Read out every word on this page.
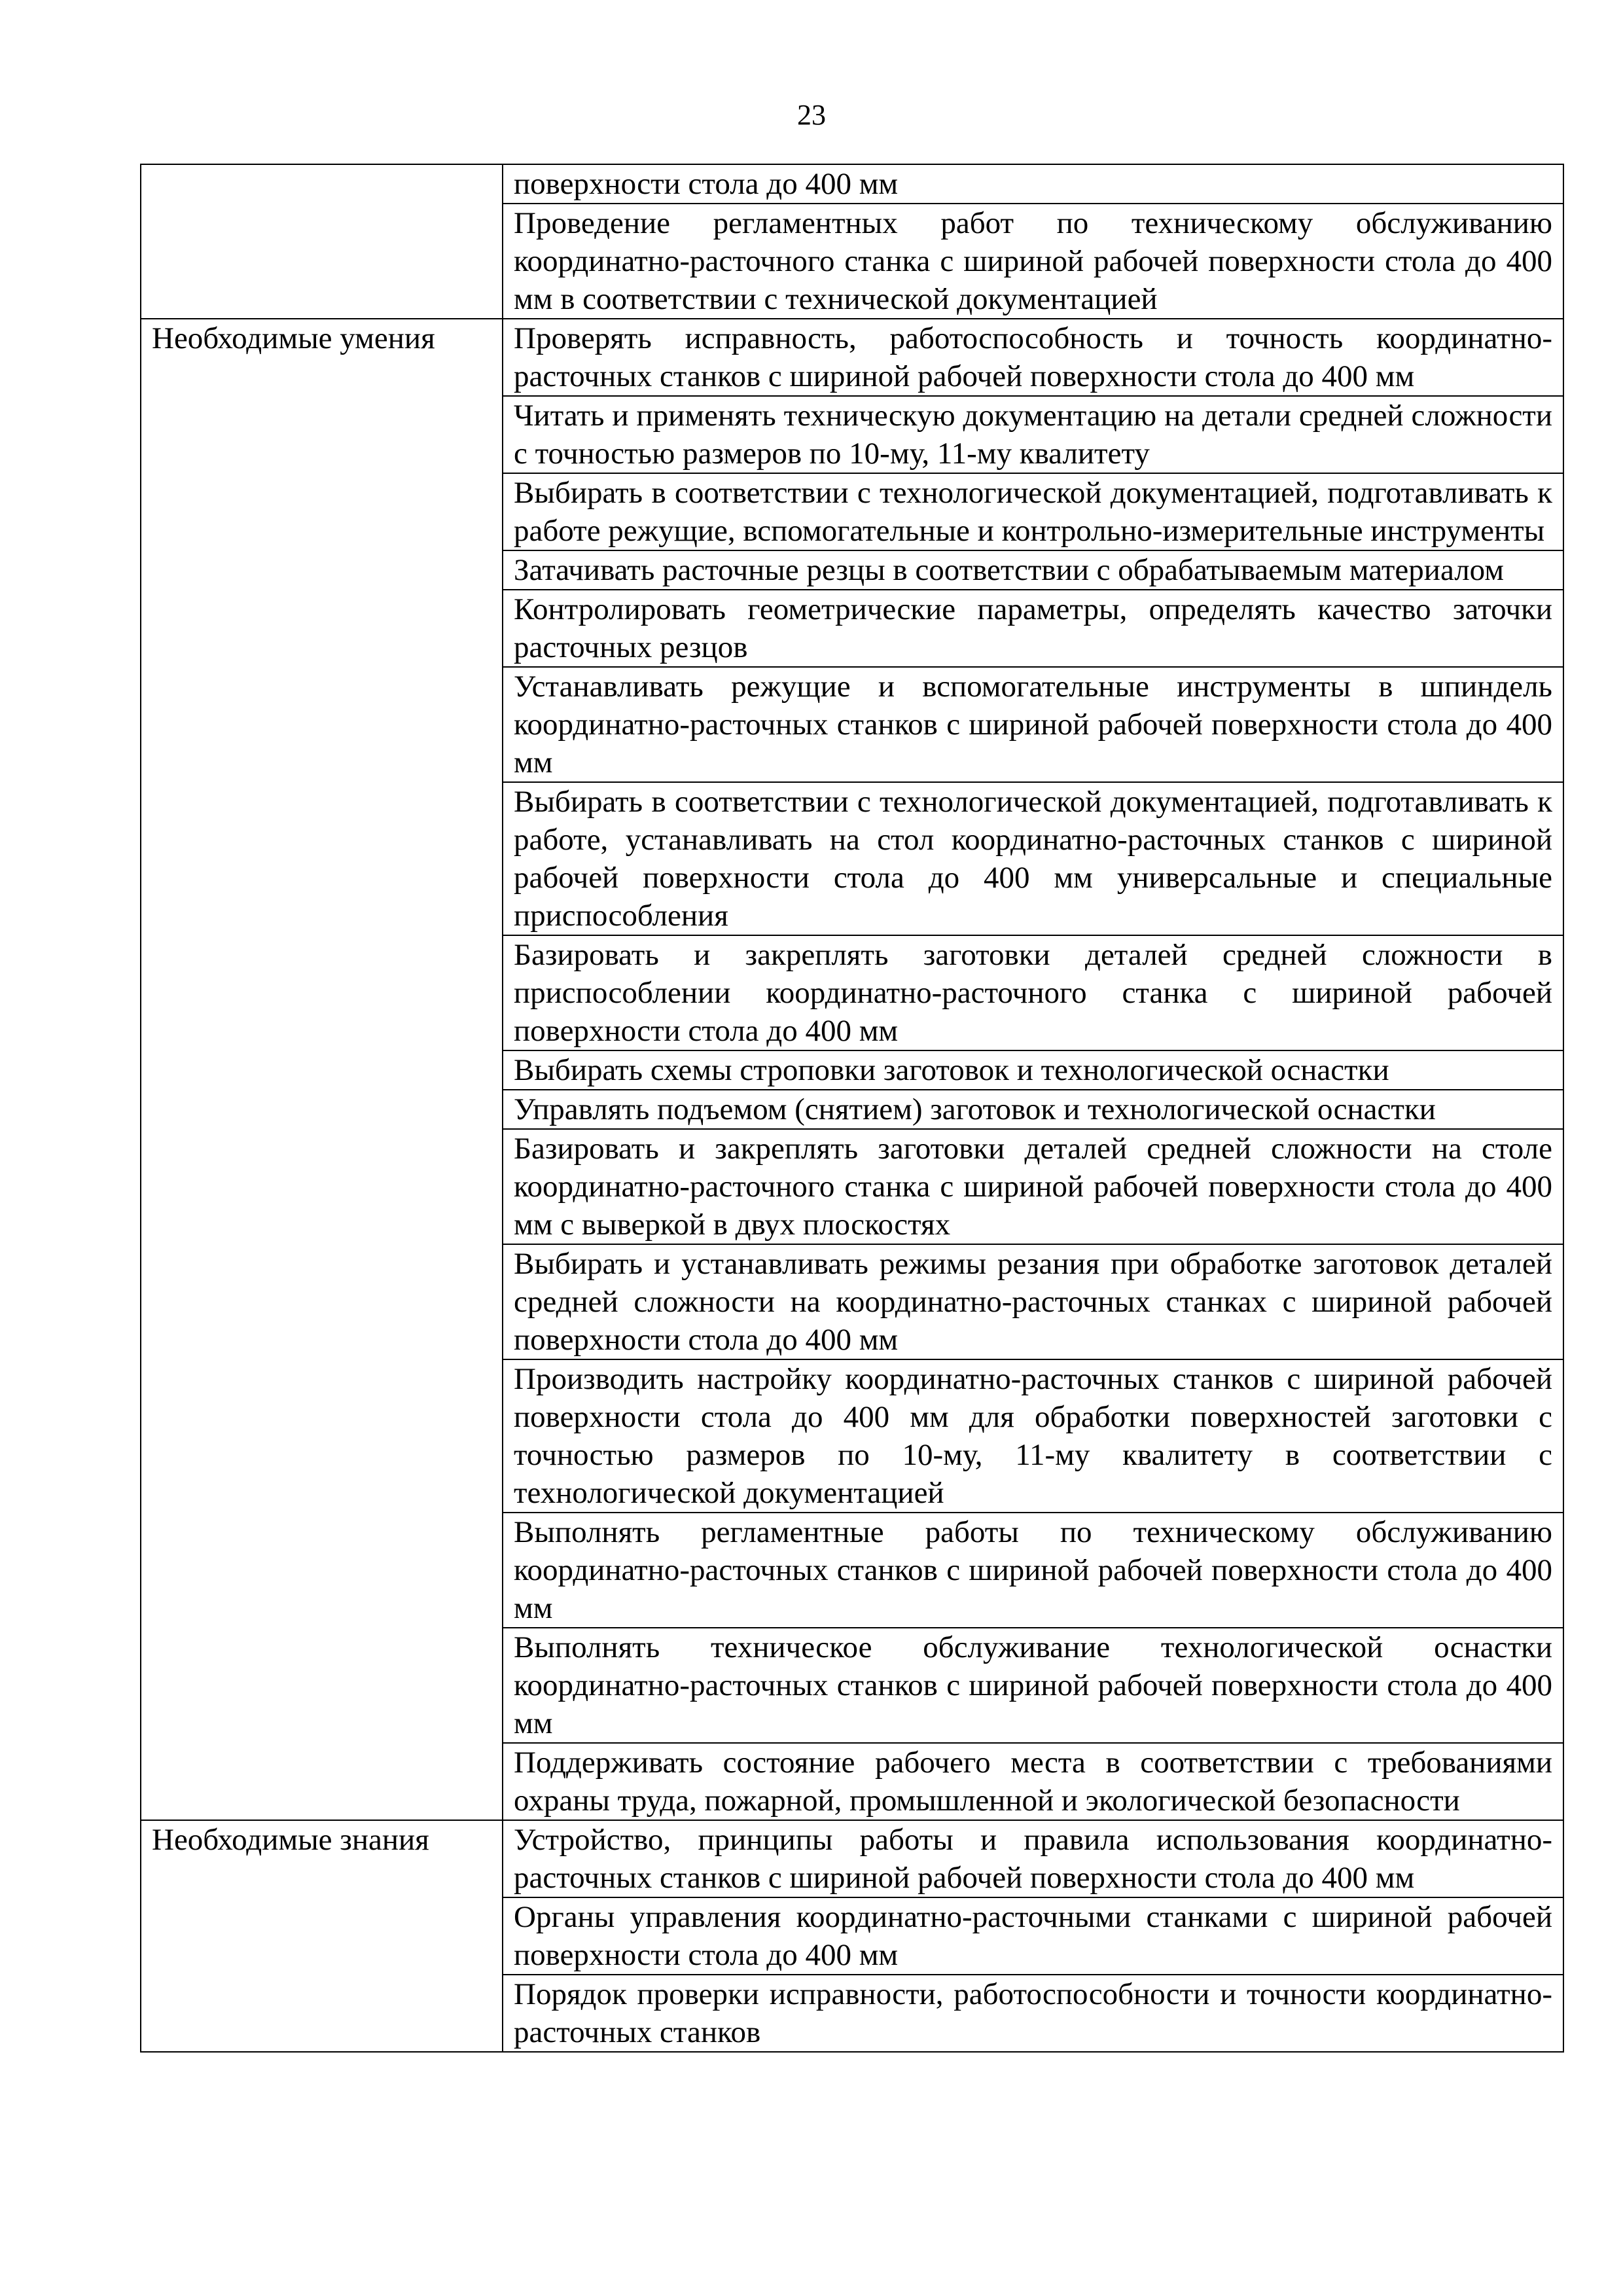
23
	поверхности стола до 400 мм
	Проведение регламентных работ по техническому обслуживанию координатно-расточного станка с шириной рабочей поверхности стола до 400 мм в соответствии с технической документацией
Необходимые умения	Проверять исправность, работоспособность и точность координатно-расточных станков с шириной рабочей поверхности стола до 400 мм
	Читать и применять техническую документацию на детали средней сложности с точностью размеров по 10-му, 11-му квалитету
	Выбирать в соответствии с технологической документацией, подготавливать к работе режущие, вспомогательные и контрольно-измерительные инструменты
	Затачивать расточные резцы в соответствии с обрабатываемым материалом
	Контролировать геометрические параметры, определять качество заточки расточных резцов
	Устанавливать режущие и вспомогательные инструменты в шпиндель координатно-расточных станков с шириной рабочей поверхности стола до 400 мм
	Выбирать в соответствии с технологической документацией, подготавливать к работе, устанавливать на стол координатно-расточных станков с шириной рабочей поверхности стола до 400 мм универсальные и специальные приспособления
	Базировать и закреплять заготовки деталей средней сложности в приспособлении координатно-расточного станка с шириной рабочей поверхности стола до 400 мм
	Выбирать схемы строповки заготовок и технологической оснастки
	Управлять подъемом (снятием) заготовок и технологической оснастки
	Базировать и закреплять заготовки деталей средней сложности на столе координатно-расточного станка с шириной рабочей поверхности стола до 400 мм с выверкой в двух плоскостях
	Выбирать и устанавливать режимы резания при обработке заготовок деталей средней сложности на координатно-расточных станках с шириной рабочей поверхности стола до 400 мм
	Производить настройку координатно-расточных станков с шириной рабочей поверхности стола до 400 мм для обработки поверхностей заготовки с точностью размеров по 10-му, 11-му квалитету в соответствии с технологической документацией
	Выполнять регламентные работы по техническому обслуживанию координатно-расточных станков с шириной рабочей поверхности стола до 400 мм
	Выполнять техническое обслуживание технологической оснастки координатно-расточных станков с шириной рабочей поверхности стола до 400 мм
	Поддерживать состояние рабочего места в соответствии с требованиями охраны труда, пожарной, промышленной и экологической безопасности
Необходимые знания	Устройство, принципы работы и правила использования координатно-расточных станков с шириной рабочей поверхности стола до 400 мм
	Органы управления координатно-расточными станками с шириной рабочей поверхности стола до 400 мм
	Порядок проверки исправности, работоспособности и точности координатно-расточных станков
